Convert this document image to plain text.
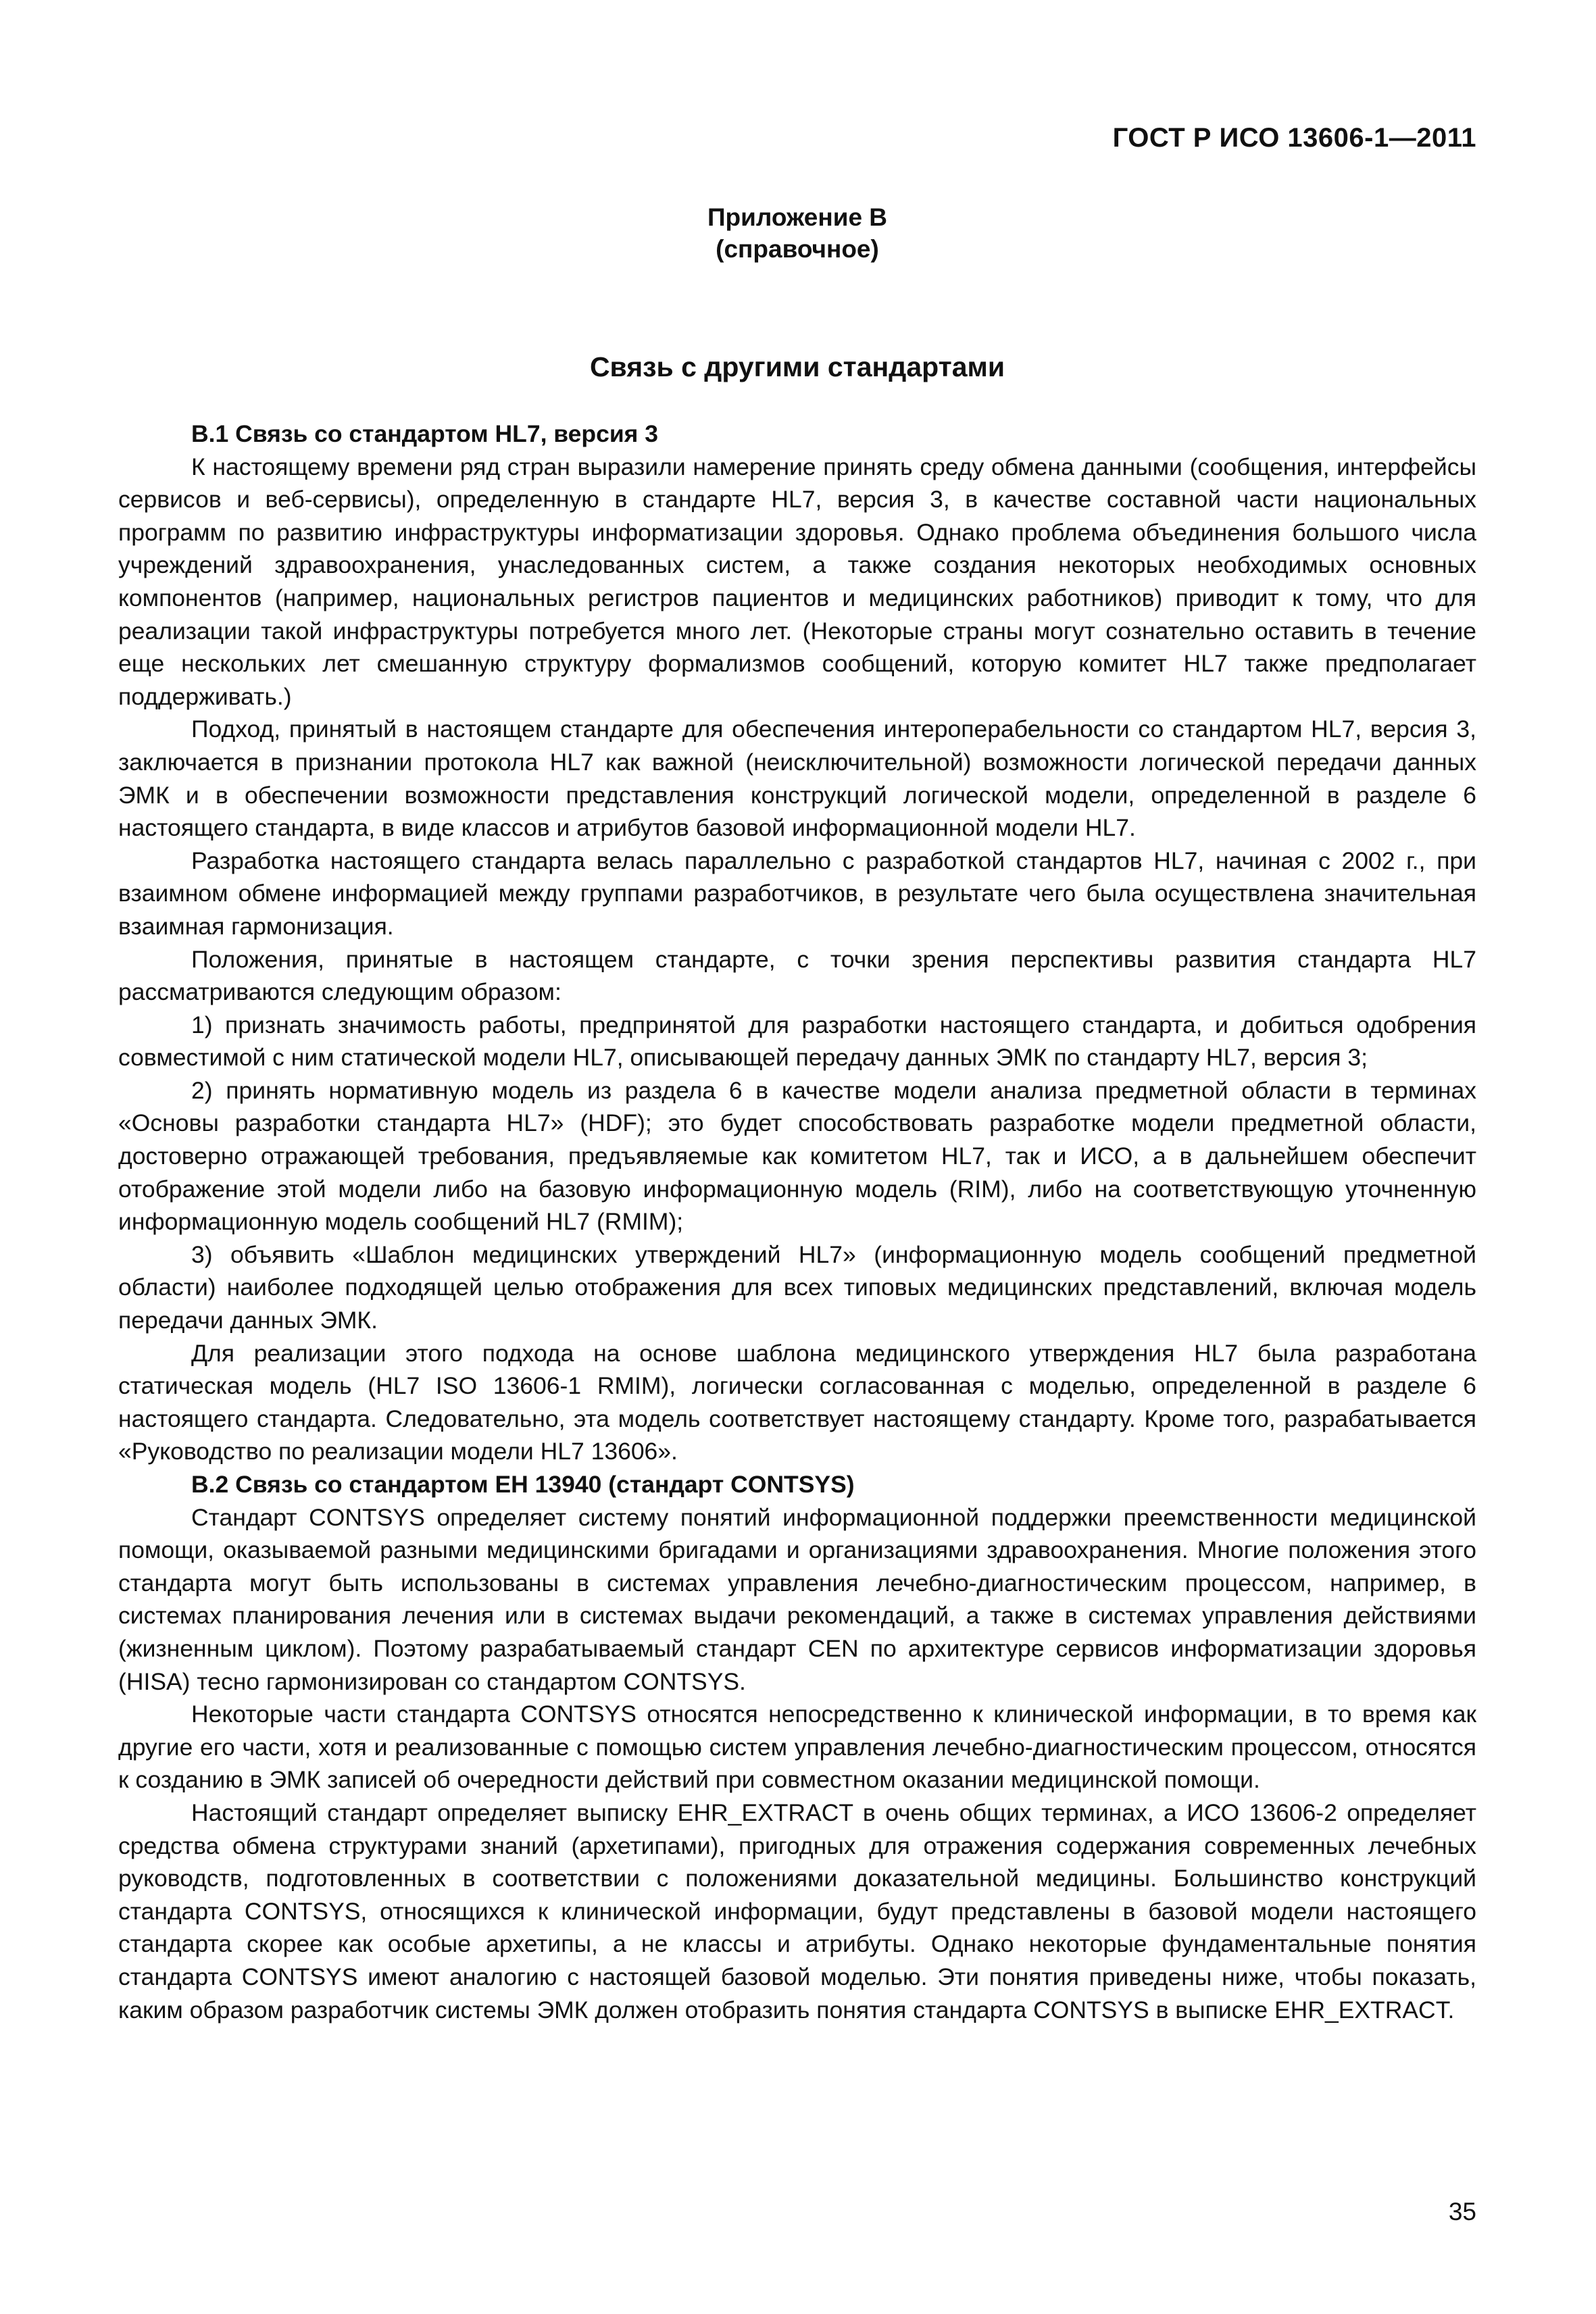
ГОСТ Р ИСО 13606-1—2011
Приложение В
(справочное)
Связь с другими стандартами
В.1 Связь со стандартом HL7, версия 3

К настоящему времени ряд стран выразили намерение принять среду обмена данными (сообщения, интерфейсы сервисов и веб-сервисы), определенную в стандарте HL7, версия 3, в качестве составной части национальных программ по развитию инфраструктуры информатизации здоровья. Однако проблема объединения большого числа учреждений здравоохранения, унаследованных систем, а также создания некоторых необходимых основных компонентов (например, национальных регистров пациентов и медицинских работников) приводит к тому, что для реализации такой инфраструктуры потребуется много лет. (Некоторые страны могут сознательно оставить в течение еще нескольких лет смешанную структуру формализмов сообщений, которую комитет HL7 также предполагает поддерживать.)

Подход, принятый в настоящем стандарте для обеспечения интероперабельности со стандартом HL7, версия 3, заключается в признании протокола HL7 как важной (неисключительной) возможности логической передачи данных ЭМК и в обеспечении возможности представления конструкций логической модели, определенной в разделе 6 настоящего стандарта, в виде классов и атрибутов базовой информационной модели HL7.

Разработка настоящего стандарта велась параллельно с разработкой стандартов HL7, начиная с 2002 г., при взаимном обмене информацией между группами разработчиков, в результате чего была осуществлена значительная взаимная гармонизация.

Положения, принятые в настоящем стандарте, с точки зрения перспективы развития стандарта HL7 рассматриваются следующим образом:

1) признать значимость работы, предпринятой для разработки настоящего стандарта, и добиться одобрения совместимой с ним статической модели HL7, описывающей передачу данных ЭМК по стандарту HL7, версия 3;

2) принять нормативную модель из раздела 6 в качестве модели анализа предметной области в терминах «Основы разработки стандарта HL7» (HDF); это будет способствовать разработке модели предметной области, достоверно отражающей требования, предъявляемые как комитетом HL7, так и ИСО, а в дальнейшем обеспечит отображение этой модели либо на базовую информационную модель (RIM), либо на соответствующую уточненную информационную модель сообщений HL7 (RMIM);

3) объявить «Шаблон медицинских утверждений HL7» (информационную модель сообщений предметной области) наиболее подходящей целью отображения для всех типовых медицинских представлений, включая модель передачи данных ЭМК.

Для реализации этого подхода на основе шаблона медицинского утверждения HL7 была разработана статическая модель (HL7 ISO 13606-1 RMIM), логически согласованная с моделью, определенной в разделе 6 настоящего стандарта. Следовательно, эта модель соответствует настоящему стандарту. Кроме того, разрабатывается «Руководство по реализации модели HL7 13606».

В.2 Связь со стандартом ЕН 13940 (стандарт CONTSYS)

Стандарт CONTSYS определяет систему понятий информационной поддержки преемственности медицинской помощи, оказываемой разными медицинскими бригадами и организациями здравоохранения. Многие положения этого стандарта могут быть использованы в системах управления лечебно-диагностическим процессом, например, в системах планирования лечения или в системах выдачи рекомендаций, а также в системах управления действиями (жизненным циклом). Поэтому разрабатываемый стандарт CEN по архитектуре сервисов информатизации здоровья (HISA) тесно гармонизирован со стандартом CONTSYS.

Некоторые части стандарта CONTSYS относятся непосредственно к клинической информации, в то время как другие его части, хотя и реализованные с помощью систем управления лечебно-диагностическим процессом, относятся к созданию в ЭМК записей об очередности действий при совместном оказании медицинской помощи.

Настоящий стандарт определяет выписку EHR_EXTRACT в очень общих терминах, а ИСО 13606-2 определяет средства обмена структурами знаний (архетипами), пригодных для отражения содержания современных лечебных руководств, подготовленных в соответствии с положениями доказательной медицины. Большинство конструкций стандарта CONTSYS, относящихся к клинической информации, будут представлены в базовой модели настоящего стандарта скорее как особые архетипы, а не классы и атрибуты. Однако некоторые фундаментальные понятия стандарта CONTSYS имеют аналогию с настоящей базовой моделью. Эти понятия приведены ниже, чтобы показать, каким образом разработчик системы ЭМК должен отобразить понятия стандарта CONTSYS в выписке EHR_EXTRACT.

35
